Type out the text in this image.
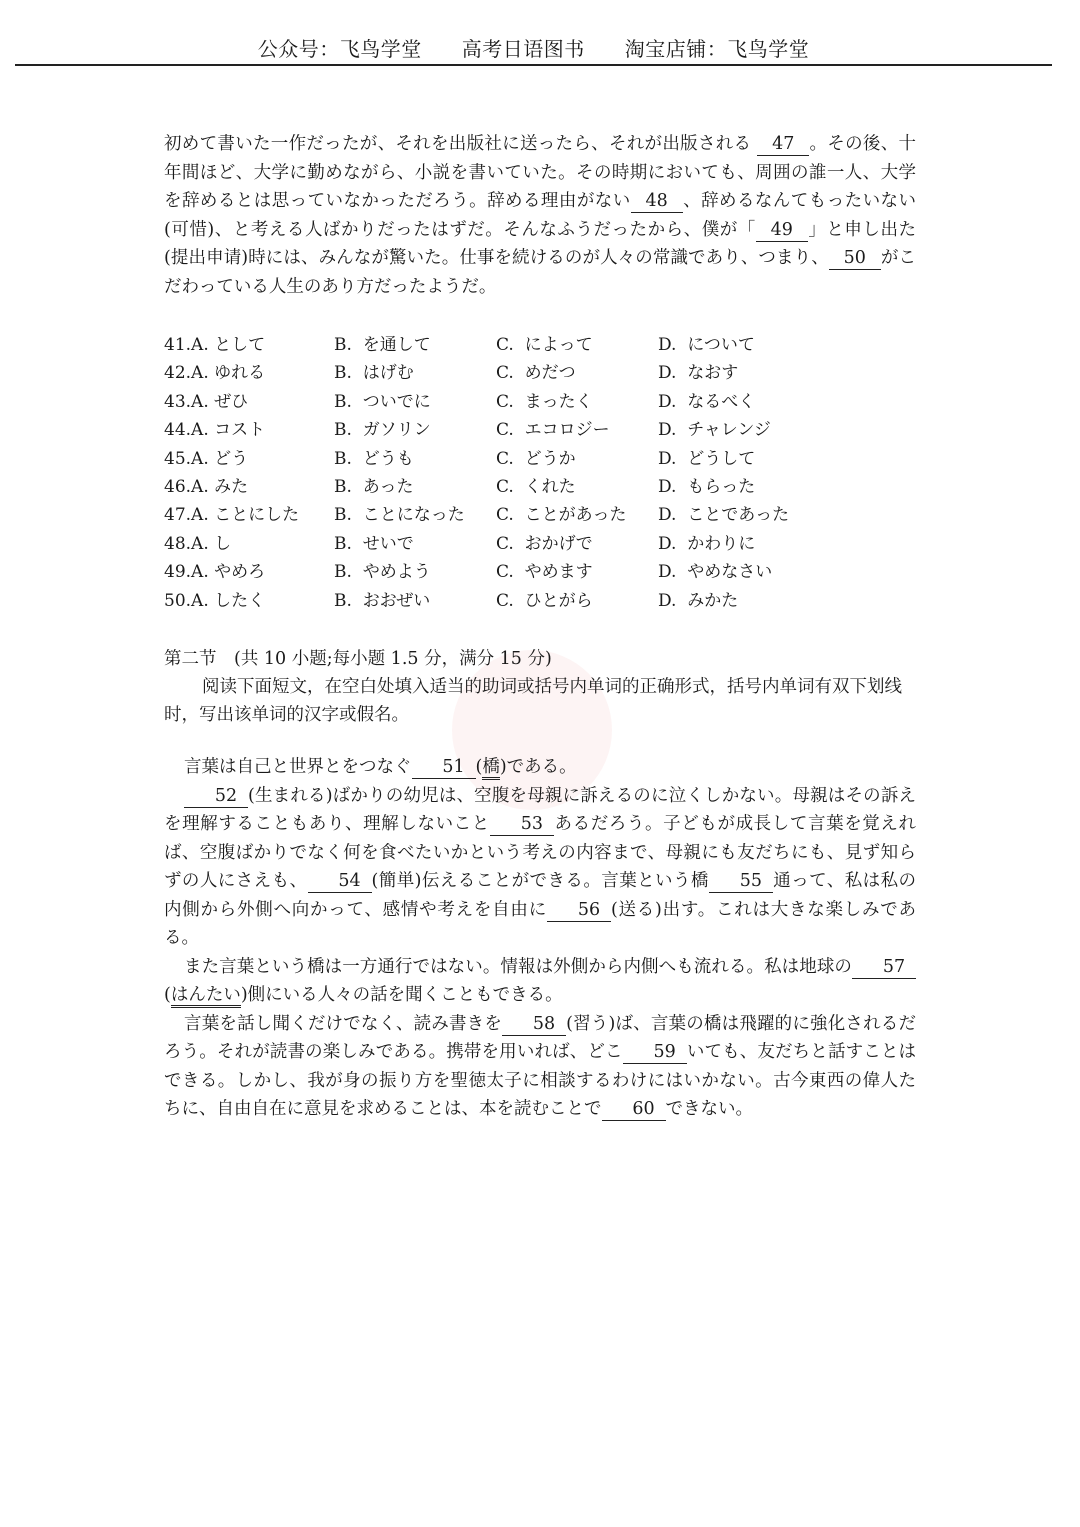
公众号：飞鸟学堂 高考日语图书 淘宝店铺：飞鸟学堂

初めて書いた一作だったが、それを出版社に送ったら、それが出版される 47 。その後、十年間ほど、大学に勤めながら、小説を書いていた。その時期においても、周囲の誰一人、大学を辞めるとは思っていなかっただろう。辞める理由がない 48 、辞めるなんてもったいない(可惜)、と考える人ばかりだったはずだ。そんなふうだったから、僕が「 49 」と申し出た(提出申请)時には、みんなが驚いた。仕事を続けるのが人々の常識であり、つまり、 50 がこだわっている人生のあり方だったようだ。

41.A. として	B. を通して	C. によって	D. について
42.A. ゆれる	B. はげむ	C. めだつ	D. なおす
43.A. ぜひ	B. ついでに	C. まったく	D. なるべく
44.A. コスト	B. ガソリン	C. エコロジー	D. チャレンジ
45.A. どう	B. どうも	C. どうか	D. どうして
46.A. みた	B. あった	C. くれた	D. もらった
47.A. ことにした	B. ことになった	C. ことがあった	D. ことであった
48.A. し	B. せいで	C. おかげで	D. かわりに
49.A. やめろ	B. やめよう	C. やめます	D. やめなさい
50.A. したく	B. おおぜい	C. ひとがら	D. みかた

第二节　(共 10 小题;每小题 1.5 分，满分 15 分)

阅读下面短文，在空白处填入适当的助词或括号内单词的正确形式，括号内单词有双下划线时，写出该单词的汉字或假名。

言葉は自己と世界とをつなぐ 51 (橋)である。

52 (生まれる)ばかりの幼児は、空腹を母親に訴えるのに泣くしかない。母親はその訴えを理解することもあり、理解しないこと 53 あるだろう。子どもが成長して言葉を覚えれば、空腹ばかりでなく何を食べたいかという考えの内容まで、母親にも友だちにも、見ず知らずの人にさえも、 54 (簡単)伝えることができる。言葉という橋 55 通って、私は私の内側から外側へ向かって、感情や考えを自由に 56 (送る)出す。これは大きな楽しみである。

また言葉という橋は一方通行ではない。情報は外側から内側へも流れる。私は地球の 57(はんたい)側にいる人々の話を聞くこともできる。

言葉を話し聞くだけでなく、読み書きを 58 (習う)ば、言葉の橋は飛躍的に強化されるだろう。それが読書の楽しみである。携帯を用いれば、どこ 59 いても、友だちと話すことはできる。しかし、我が身の振り方を聖徳太子に相談するわけにはいかない。古今東西の偉人たちに、自由自在に意見を求めることは、本を読むことで 60 できない。
